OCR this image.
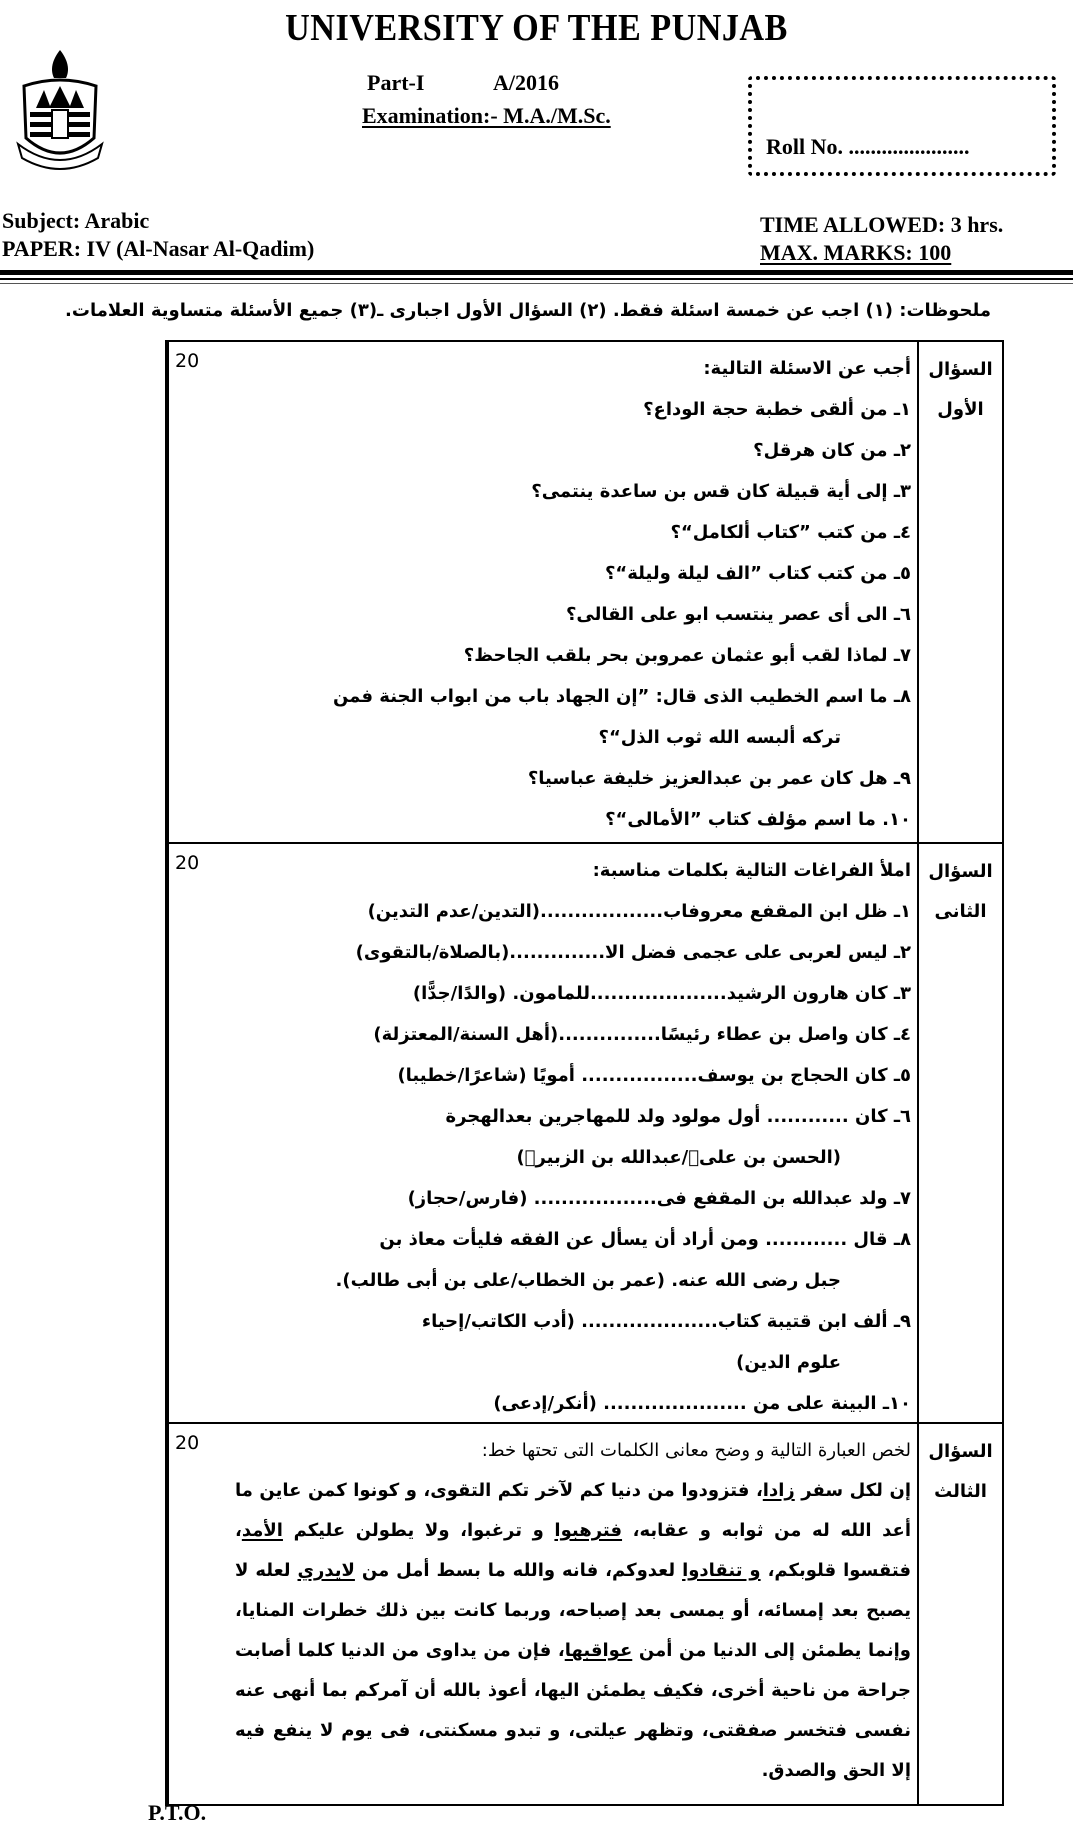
UNIVERSITY OF THE PUNJAB
Part-I	A/2016
Examination:- M.A./M.Sc.
Roll No. ......................
Subject: Arabic
PAPER: IV (Al-Nasar Al-Qadim)
TIME ALLOWED: 3 hrs.
MAX. MARKS: 100
ملحوظات: (١) اجب عن خمسة اسئلة فقط. (٢) السؤال الأول اجبارى ـ(٣) جميع الأسئلة متساوية العلامات.
السؤال
الأول
أجب عن الاسئلة التالية:
١ـ من ألقى خطبة حجة الوداع؟
٢ـ من كان هرقل؟
٣ـ إلى أية قبيلة كان قس بن ساعدة ينتمى؟
٤ـ من كتب ”كتاب ألكامل“؟
٥ـ من كتب كتاب ”الف ليلة وليلة“؟
٦ـ الى أى عصر ينتسب ابو على القالى؟
٧ـ لماذا لقب أبو عثمان عمروبن بحر بلقب الجاحظ؟
٨ـ ما اسم الخطيب الذى قال: ”إن الجهاد باب من ابواب الجنة فمن
تركه ألبسه الله ثوب الذل“؟
٩ـ هل كان عمر بن عبدالعزيز خليفة عباسيا؟
١٠. ما اسم مؤلف كتاب ”الأمالى“؟
20
السؤال
الثانى
املأ الفراغات التالية بكلمات مناسبة:
١ـ ظل ابن المقفع معروفاب..................(التدين/عدم التدين)
٢ـ ليس لعربى على عجمى فضل الا..............(بالصلاة/بالتقوى)
٣ـ كان هارون الرشيد....................للمامون. (والدًا/جدًّا)
٤ـ كان واصل بن عطاء رئيسًا...............(أهل السنة/المعتزلة)
٥ـ كان الحجاج بن يوسف................. أمويًا (شاعرًا/خطيبا)
٦ـ كان ............ أول مولود ولد للمهاجرين بعدالهجرة
(الحسن بن علىؓ/عبدالله بن الزبيرؓ)
٧ـ ولد عبدالله بن المقفع فى.................. (فارس/حجاز)
٨ـ قال ............ ومن أراد أن يسأل عن الفقه فليأت معاذ بن
جبل رضى الله عنه. (عمر بن الخطاب/على بن أبى طالب).
٩ـ ألف ابن قتيبة كتاب.................... (أدب الكاتب/إحياء
علوم الدين)
١٠ـ البينة على من ..................... (أنكر/إدعى)
20
السؤال
الثالث
لخص العبارة التالية و وضح معانى الكلمات التى تحتها خط:
إن لكل سفر زادا، فتزودوا من دنيا كم لآخر تكم التقوى، و كونوا كمن عاين ما أعد الله له من ثوابه و عقابه، فترهبوا و ترغبوا، ولا يطولن عليكم الأمد، فتقسوا قلوبكم، و تنقادوا لعدوكم، فانه والله ما بسط أمل من لايدري لعله لا يصبح بعد إمسائه، أو يمسى بعد إصباحه، وربما كانت بين ذلك خطرات المنايا، وإنما يطمئن إلى الدنيا من أمن عواقبها، فإن من يداوى من الدنيا كلما أصابت جراحة من ناحية أخرى، فكيف يطمئن اليها، أعوذ بالله أن آمركم بما أنهى عنه نفسى فتخسر صفقتى، وتظهر عيلتى، و تبدو مسكنتى، فى يوم لا ينفع فيه إلا الحق والصدق.
20
P.T.O.
